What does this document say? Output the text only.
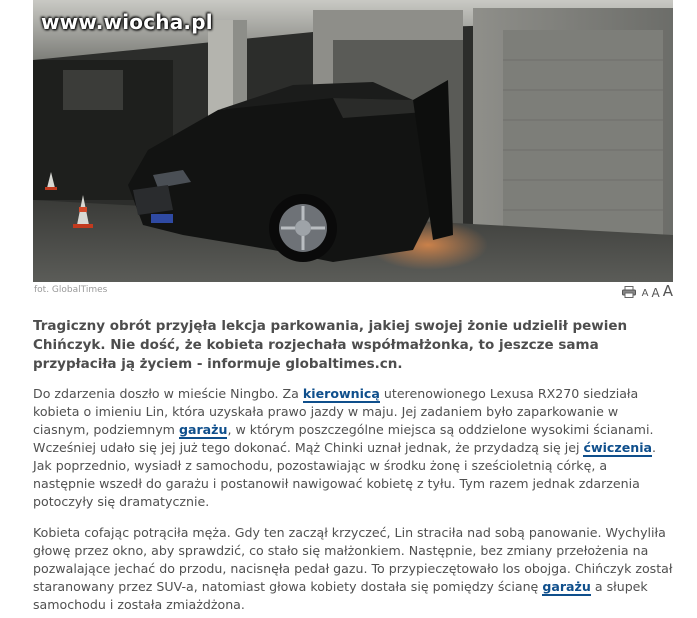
www.wiocha.pl
fot. GlobalTimes	A A A

Tragiczny obrót przyjęła lekcja parkowania, jakiej swojej żonie udzielił pewien Chińczyk. Nie dość, że kobieta rozjechała współmałżonka, to jeszcze sama przypłaciła ją życiem - informuje globaltimes.cn.

Do zdarzenia doszło w mieście Ningbo. Za kierownicą uterenowionego Lexusa RX270 siedziała kobieta o imieniu Lin, która uzyskała prawo jazdy w maju. Jej zadaniem było zaparkowanie w ciasnym, podziemnym garażu, w którym poszczególne miejsca są oddzielone wysokimi ścianami. Wcześniej udało się jej już tego dokonać. Mąż Chinki uznał jednak, że przydadzą się jej ćwiczenia. Jak poprzednio, wysiadł z samochodu, pozostawiając w środku żonę i sześcioletnią córkę, a następnie wszedł do garażu i postanowił nawigować kobietę z tyłu. Tym razem jednak zdarzenia potoczyły się dramatycznie.

Kobieta cofając potrąciła męża. Gdy ten zaczął krzyczeć, Lin straciła nad sobą panowanie. Wychyliła głowę przez okno, aby sprawdzić, co stało się małżonkiem. Następnie, bez zmiany przełożenia na pozwalające jechać do przodu, nacisnęła pedał gazu. To przypieczętowało los obojga. Chińczyk został staranowany przez SUV-a, natomiast głowa kobiety dostała się pomiędzy ścianę garażu a słupek samochodu i została zmiażdżona.
